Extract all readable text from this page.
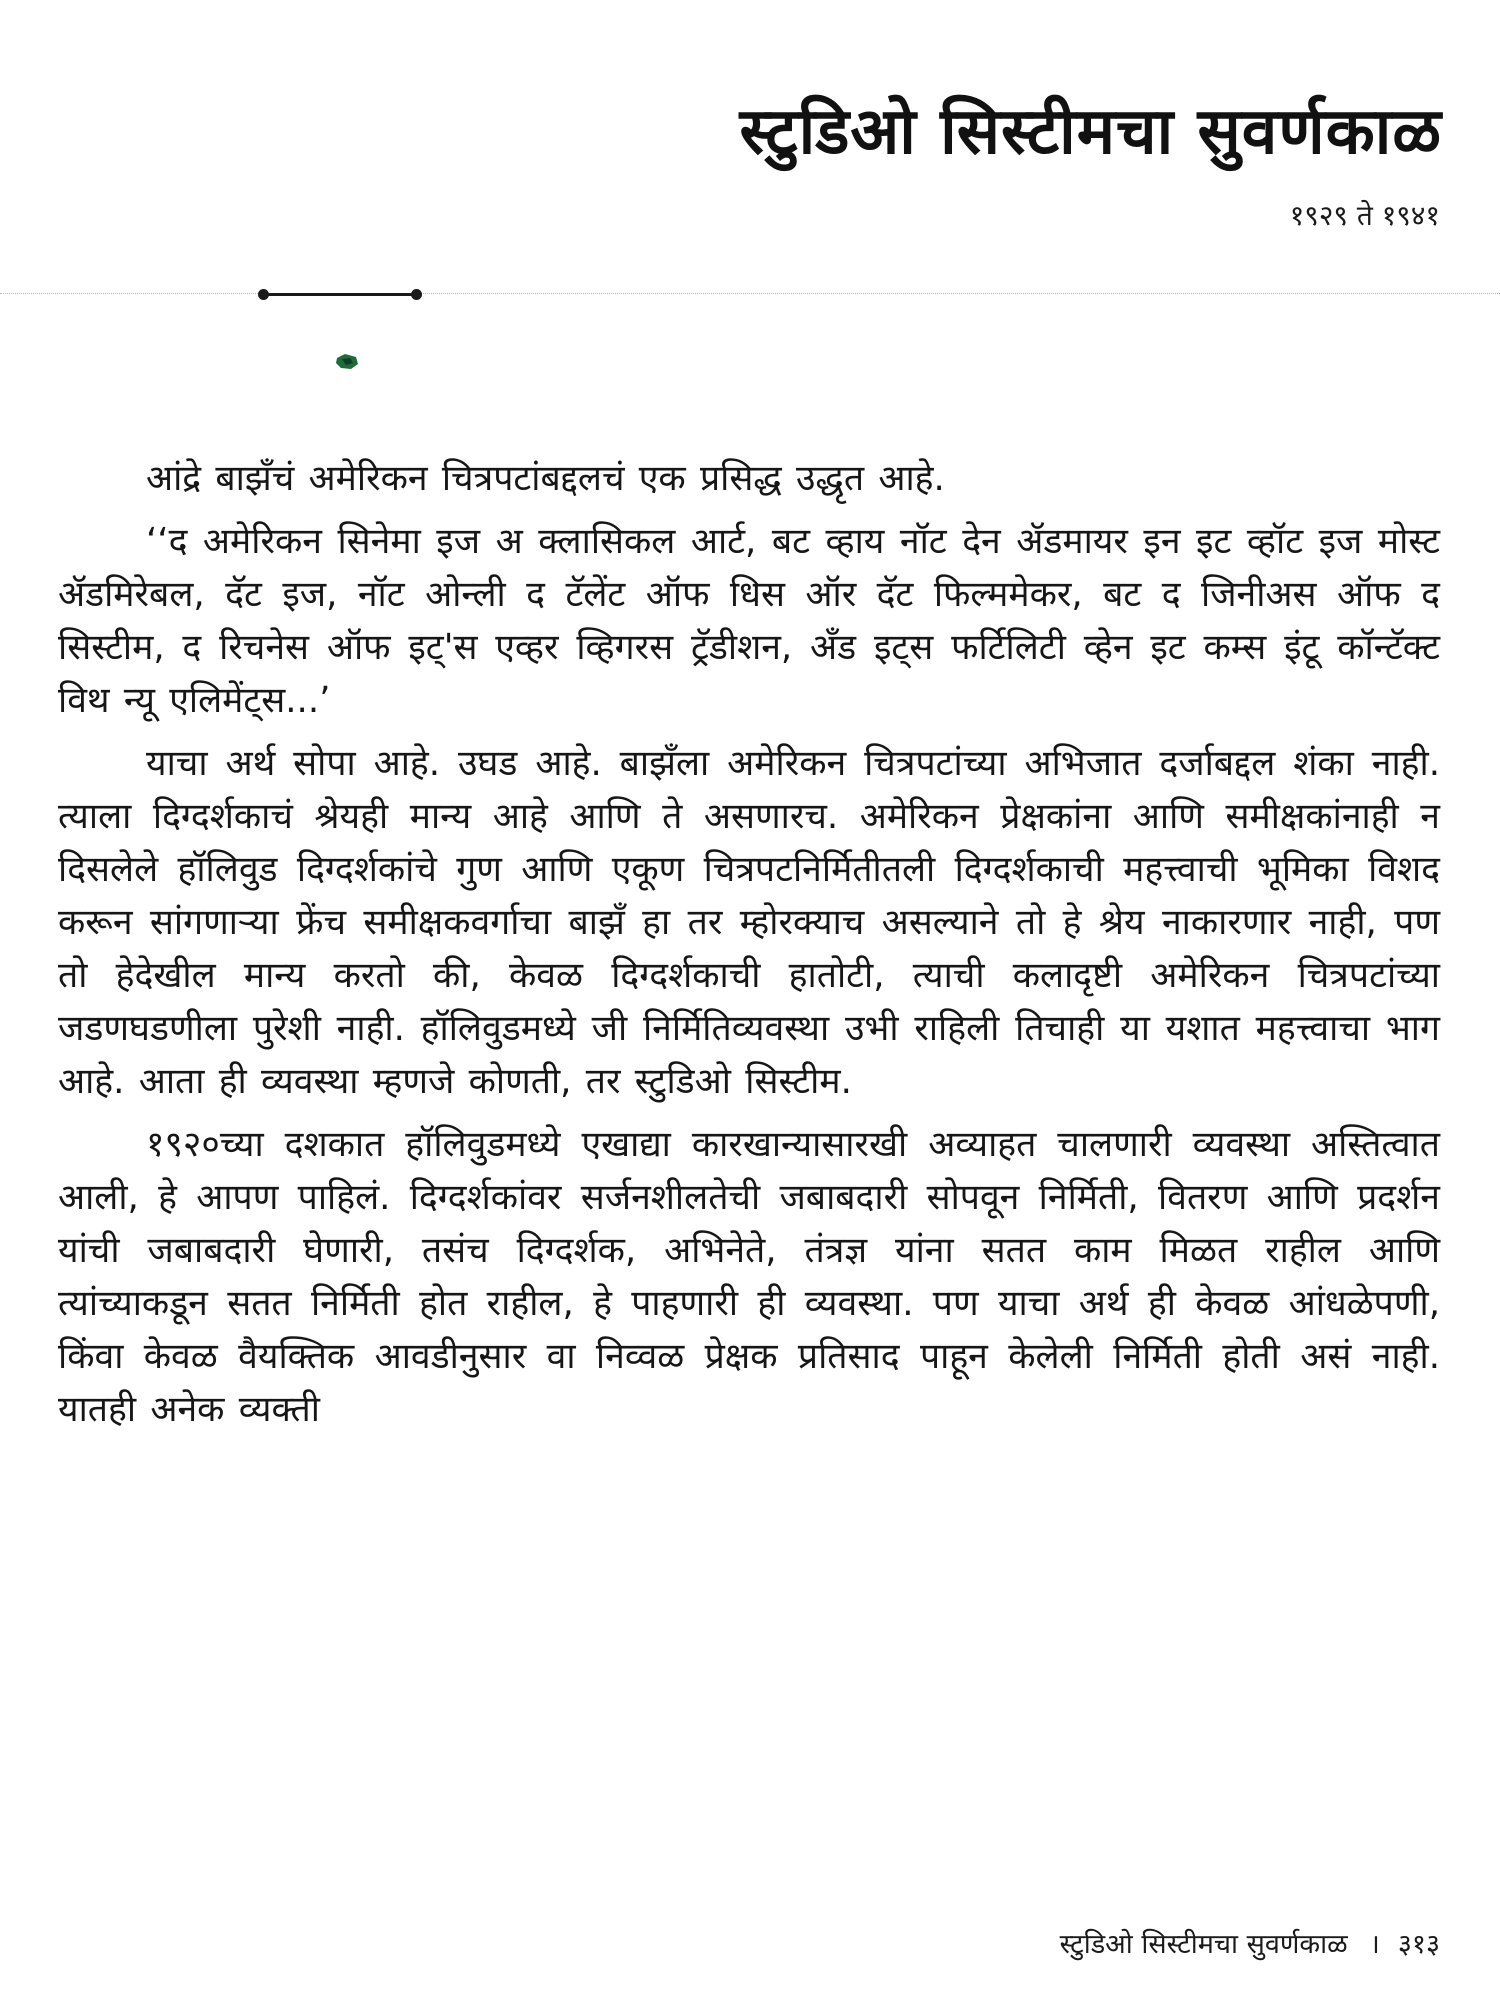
स्टुडिओ सिस्टीमचा सुवर्णकाळ
१९२९ ते १९४१

आंद्रे बाझँचं अमेरिकन चित्रपटांबद्दलचं एक प्रसिद्ध उद्धृत आहे.

‘‘द अमेरिकन सिनेमा इज अ क्लासिकल आर्ट, बट व्हाय नॉट देन ॲडमायर इन इट व्हॉट इज मोस्ट ॲडमिरेबल, दॅट इज, नॉट ओन्ली द टॅलेंट ऑफ धिस ऑर दॅट फिल्ममेकर, बट द जिनीअस ऑफ द सिस्टीम, द रिचनेस ऑफ इट्'स एव्हर व्हिगरस ट्रॅडीशन, अँड इट्स फर्टिलिटी व्हेन इट कम्स इंटू कॉन्टॅक्ट विथ न्यू एलिमेंट्स...’

याचा अर्थ सोपा आहे. उघड आहे. बाझँला अमेरिकन चित्रपटांच्या अभिजात दर्जाबद्दल शंका नाही. त्याला दिग्दर्शकाचं श्रेयही मान्य आहे आणि ते असणारच. अमेरिकन प्रेक्षकांना आणि समीक्षकांनाही न दिसलेले हॉलिवुड दिग्दर्शकांचे गुण आणि एकूण चित्रपटनिर्मितीतली दिग्दर्शकाची महत्त्वाची भूमिका विशद करून सांगणाऱ्या फ्रेंच समीक्षकवर्गाचा बाझँ हा तर म्होरक्याच असल्याने तो हे श्रेय नाकारणार नाही, पण तो हेदेखील मान्य करतो की, केवळ दिग्दर्शकाची हातोटी, त्याची कलादृष्टी अमेरिकन चित्रपटांच्या जडणघडणीला पुरेशी नाही. हॉलिवुडमध्ये जी निर्मितिव्यवस्था उभी राहिली तिचाही या यशात महत्त्वाचा भाग आहे. आता ही व्यवस्था म्हणजे कोणती, तर स्टुडिओ सिस्टीम.

१९२०च्या दशकात हॉलिवुडमध्ये एखाद्या कारखान्यासारखी अव्याहत चालणारी व्यवस्था अस्तित्वात आली, हे आपण पाहिलं. दिग्दर्शकांवर सर्जनशीलतेची जबाबदारी सोपवून निर्मिती, वितरण आणि प्रदर्शन यांची जबाबदारी घेणारी, तसंच दिग्दर्शक, अभिनेते, तंत्रज्ञ यांना सतत काम मिळत राहील आणि त्यांच्याकडून सतत निर्मिती होत राहील, हे पाहणारी ही व्यवस्था. पण याचा अर्थ ही केवळ आंधळेपणी, किंवा केवळ वैयक्तिक आवडीनुसार वा निव्वळ प्रेक्षक प्रतिसाद पाहून केलेली निर्मिती होती असं नाही. यातही अनेक व्यक्ती

स्टुडिओ सिस्टीमचा सुवर्णकाळ । ३१३
